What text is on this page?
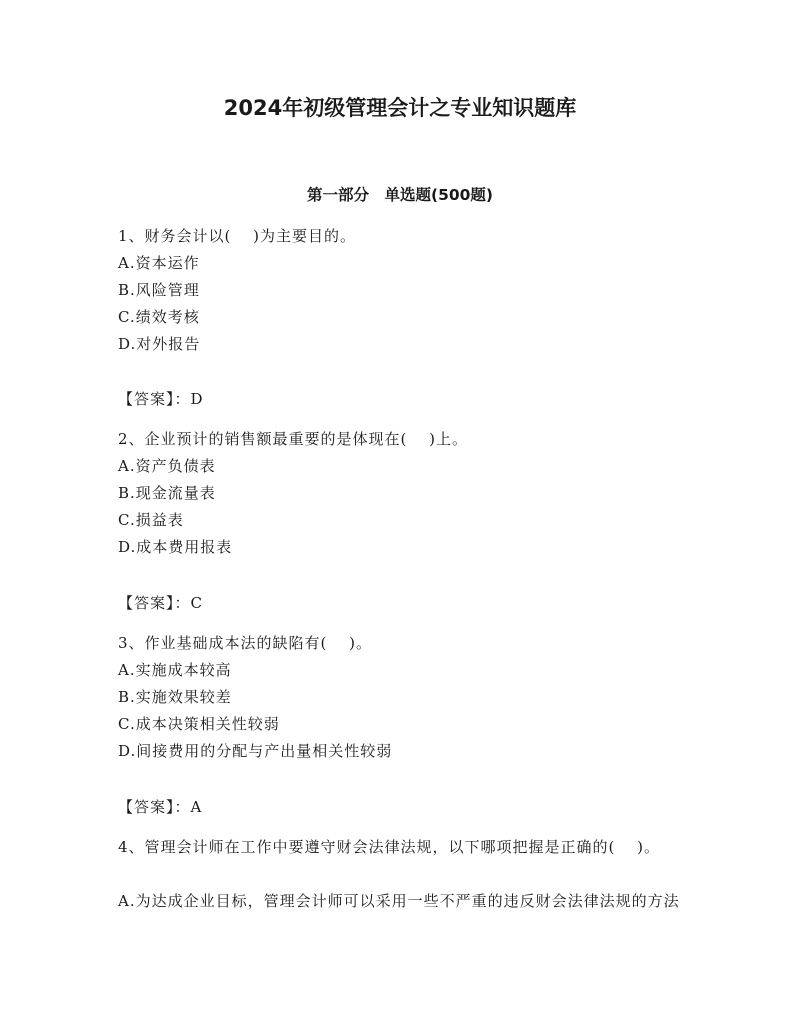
2024年初级管理会计之专业知识题库
第一部分　单选题(500题)
1、财务会计以(　 )为主要目的。
A.资本运作
B.风险管理
C.绩效考核
D.对外报告
【答案】：D
2、企业预计的销售额最重要的是体现在(　 )上。
A.资产负债表
B.现金流量表
C.损益表
D.成本费用报表
【答案】：C
3、作业基础成本法的缺陷有(　 )。
A.实施成本较高
B.实施效果较差
C.成本决策相关性较弱
D.间接费用的分配与产出量相关性较弱
【答案】：A
4、管理会计师在工作中要遵守财会法律法规，以下哪项把握是正确的(　 )。
A.为达成企业目标，管理会计师可以采用一些不严重的违反财会法律法规的方法
